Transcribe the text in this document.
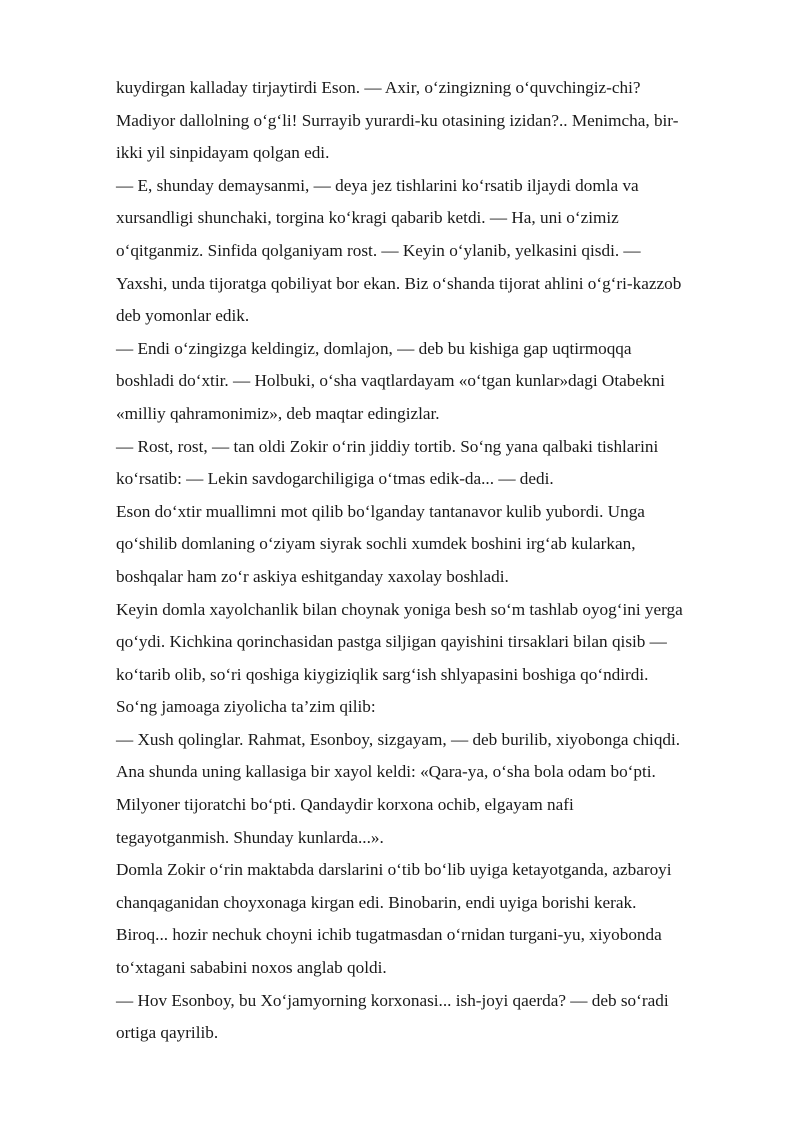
kuydirgan kalladay tirjaytirdi Eson. — Axir, o‘zingizning o‘quvchingiz-chi?
Madiyor dallolning o‘g‘li! Surrayib yurardi-ku otasining izidan?.. Menimcha, bir-
ikki yil sinpidayam qolgan edi.
— E, shunday demaysanmi, — deya jez tishlarini ko‘rsatib iljaydi domla va
xursandligi shunchaki, torgina ko‘kragi qabarib ketdi. — Ha, uni o‘zimiz
o‘qitganmiz. Sinfida qolganiyam rost. — Keyin o‘ylanib, yelkasini qisdi. —
Yaxshi, unda tijoratga qobiliyat bor ekan. Biz o‘shanda tijorat ahlini o‘g‘ri-kazzob
deb yomonlar edik.
— Endi o‘zingizga keldingiz, domlajon, — deb bu kishiga gap uqtirmoqqa
boshladi do‘xtir. — Holbuki, o‘sha vaqtlardayam «o‘tgan kunlar»dagi Otabekni
«milliy qahramonimiz», deb maqtar edingizlar.
— Rost, rost, — tan oldi Zokir o‘rin jiddiy tortib. So‘ng yana qalbaki tishlarini
ko‘rsatib: — Lekin savdogarchiligiga o‘tmas edik-da... — dedi.
Eson do‘xtir muallimni mot qilib bo‘lganday tantanavor kulib yubordi. Unga
qo‘shilib domlaning o‘ziyam siyrak sochli xumdek boshini irg‘ab kularkan,
boshqalar ham zo‘r askiya eshitganday xaxolay boshladi.
Keyin domla xayolchanlik bilan choynak yoniga besh so‘m tashlab oyog‘ini yerga
qo‘ydi. Kichkina qorinchasidan pastga siljigan qayishini tirsaklari bilan qisib —
ko‘tarib olib, so‘ri qoshiga kiygiziqlik sarg‘ish shlyapasini boshiga qo‘ndirdi.
So‘ng jamoaga ziyolicha ta’zim qilib:
— Xush qolinglar. Rahmat, Esonboy, sizgayam, — deb burilib, xiyobonga chiqdi.
Ana shunda uning kallasiga bir xayol keldi: «Qara-ya, o‘sha bola odam bo‘pti.
Milyoner tijoratchi bo‘pti. Qandaydir korxona ochib, elgayam nafi
tegayotganmish. Shunday kunlarda...».
Domla Zokir o‘rin maktabda darslarini o‘tib bo‘lib uyiga ketayotganda, azbaroyi
chanqaganidan choyxonaga kirgan edi. Binobarin, endi uyiga borishi kerak.
Biroq... hozir nechuk choyni ichib tugatmasdan o‘rnidan turgani-yu, xiyobonda
to‘xtagani sababini noxos anglab qoldi.
— Hov Esonboy, bu Xo‘jamyorning korxonasi... ish-joyi qaerda? — deb so‘radi
ortiga qayrilib.
